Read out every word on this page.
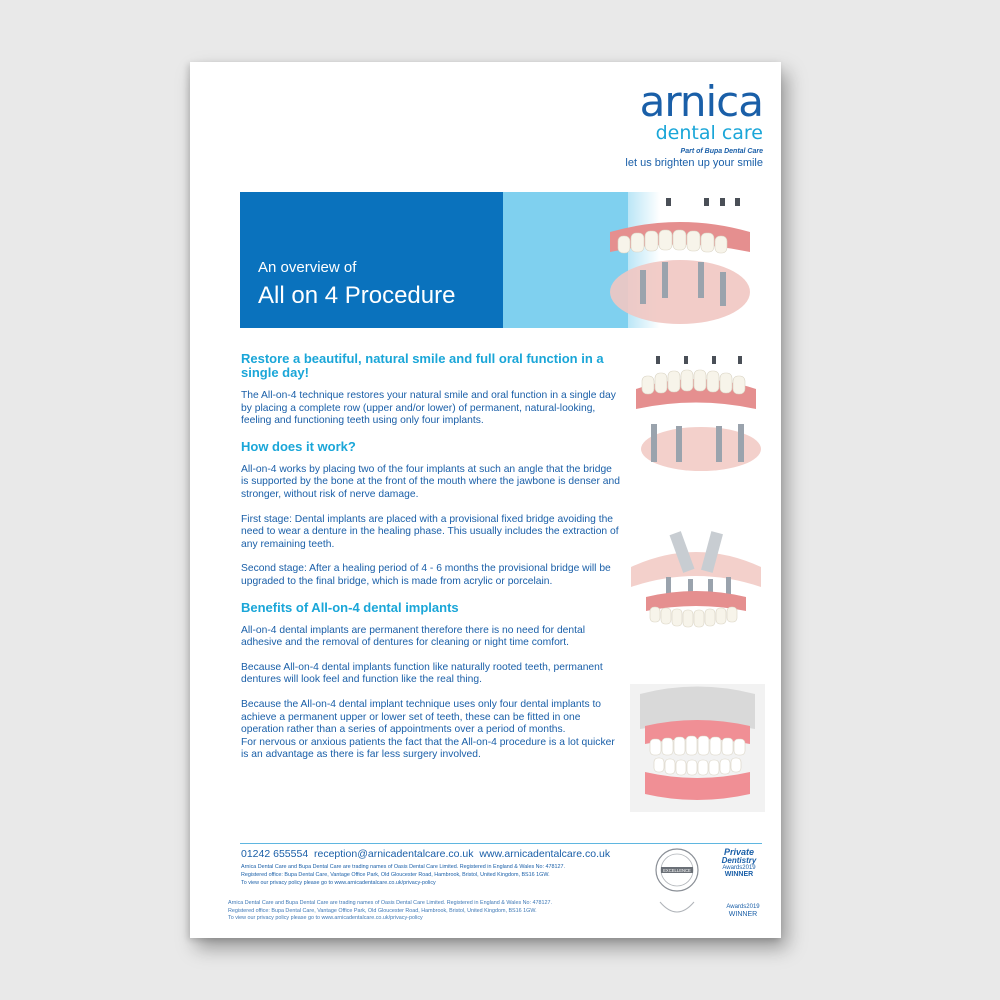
arnica
dental care
Part of Bupa Dental Care
let us brighten up your smile
An overview of
All on 4 Procedure
Restore a beautiful, natural smile and full oral function in a single day!
The All-on-4 technique restores your natural smile and oral function in a single day by placing a complete row (upper and/or lower) of permanent, natural-looking, feeling and functioning teeth using only four implants.
How does it work?
All-on-4 works by placing two of the four implants at such an angle that the bridge is supported by the bone at the front of the mouth where the jawbone is denser and stronger, without risk of nerve damage.
First stage: Dental implants are placed with a provisional fixed bridge avoiding the need to wear a denture in the healing phase. This usually includes the extraction of any remaining teeth.
Second stage: After a healing period of 4 - 6 months the provisional bridge will be upgraded to the final bridge, which is made from acrylic or porcelain.
Benefits of All-on-4 dental implants
All-on-4 dental implants are permanent therefore there is no need for dental adhesive and the removal of dentures for cleaning or night time comfort.
Because All-on-4 dental implants function like naturally rooted teeth, permanent dentures will look feel and function like the real thing.
Because the All-on-4 dental implant technique uses only four dental implants to achieve a permanent upper or lower set of teeth, these can be fitted in one operation rather than a series of appointments over a period of months.
For nervous or anxious patients the fact that the All-on-4 procedure is a lot quicker is an advantage as there is far less surgery involved.
01242 655554 reception@arnicadentalcare.co.uk www.arnicadentalcare.co.uk
Arnica Dental Care and Bupa Dental Care are trading names of Oasis Dental Care Limited. Registered in England & Wales No: 478127.
Registered office: Bupa Dental Care, Vantage Office Park, Old Gloucester Road, Hambrook, Bristol, United Kingdom, BS16 1GW.
To view our privacy policy please go to www.arnicadentalcare.co.uk/privacy-policy
Arnica Dental Care and Bupa Dental Care are trading names of Oasis Dental Care Limited. Registered in England & Wales No: 478127.
Registered office: Bupa Dental Care, Vantage Office Park, Old Gloucester Road, Hambrook, Bristol, United Kingdom, BS16 1GW.
To view our privacy policy please go to www.arnicadentalcare.co.uk/privacy-policy
EXCELLENCE
Private
Dentistry
Awards2019
WINNER
Awards2019
WINNER
